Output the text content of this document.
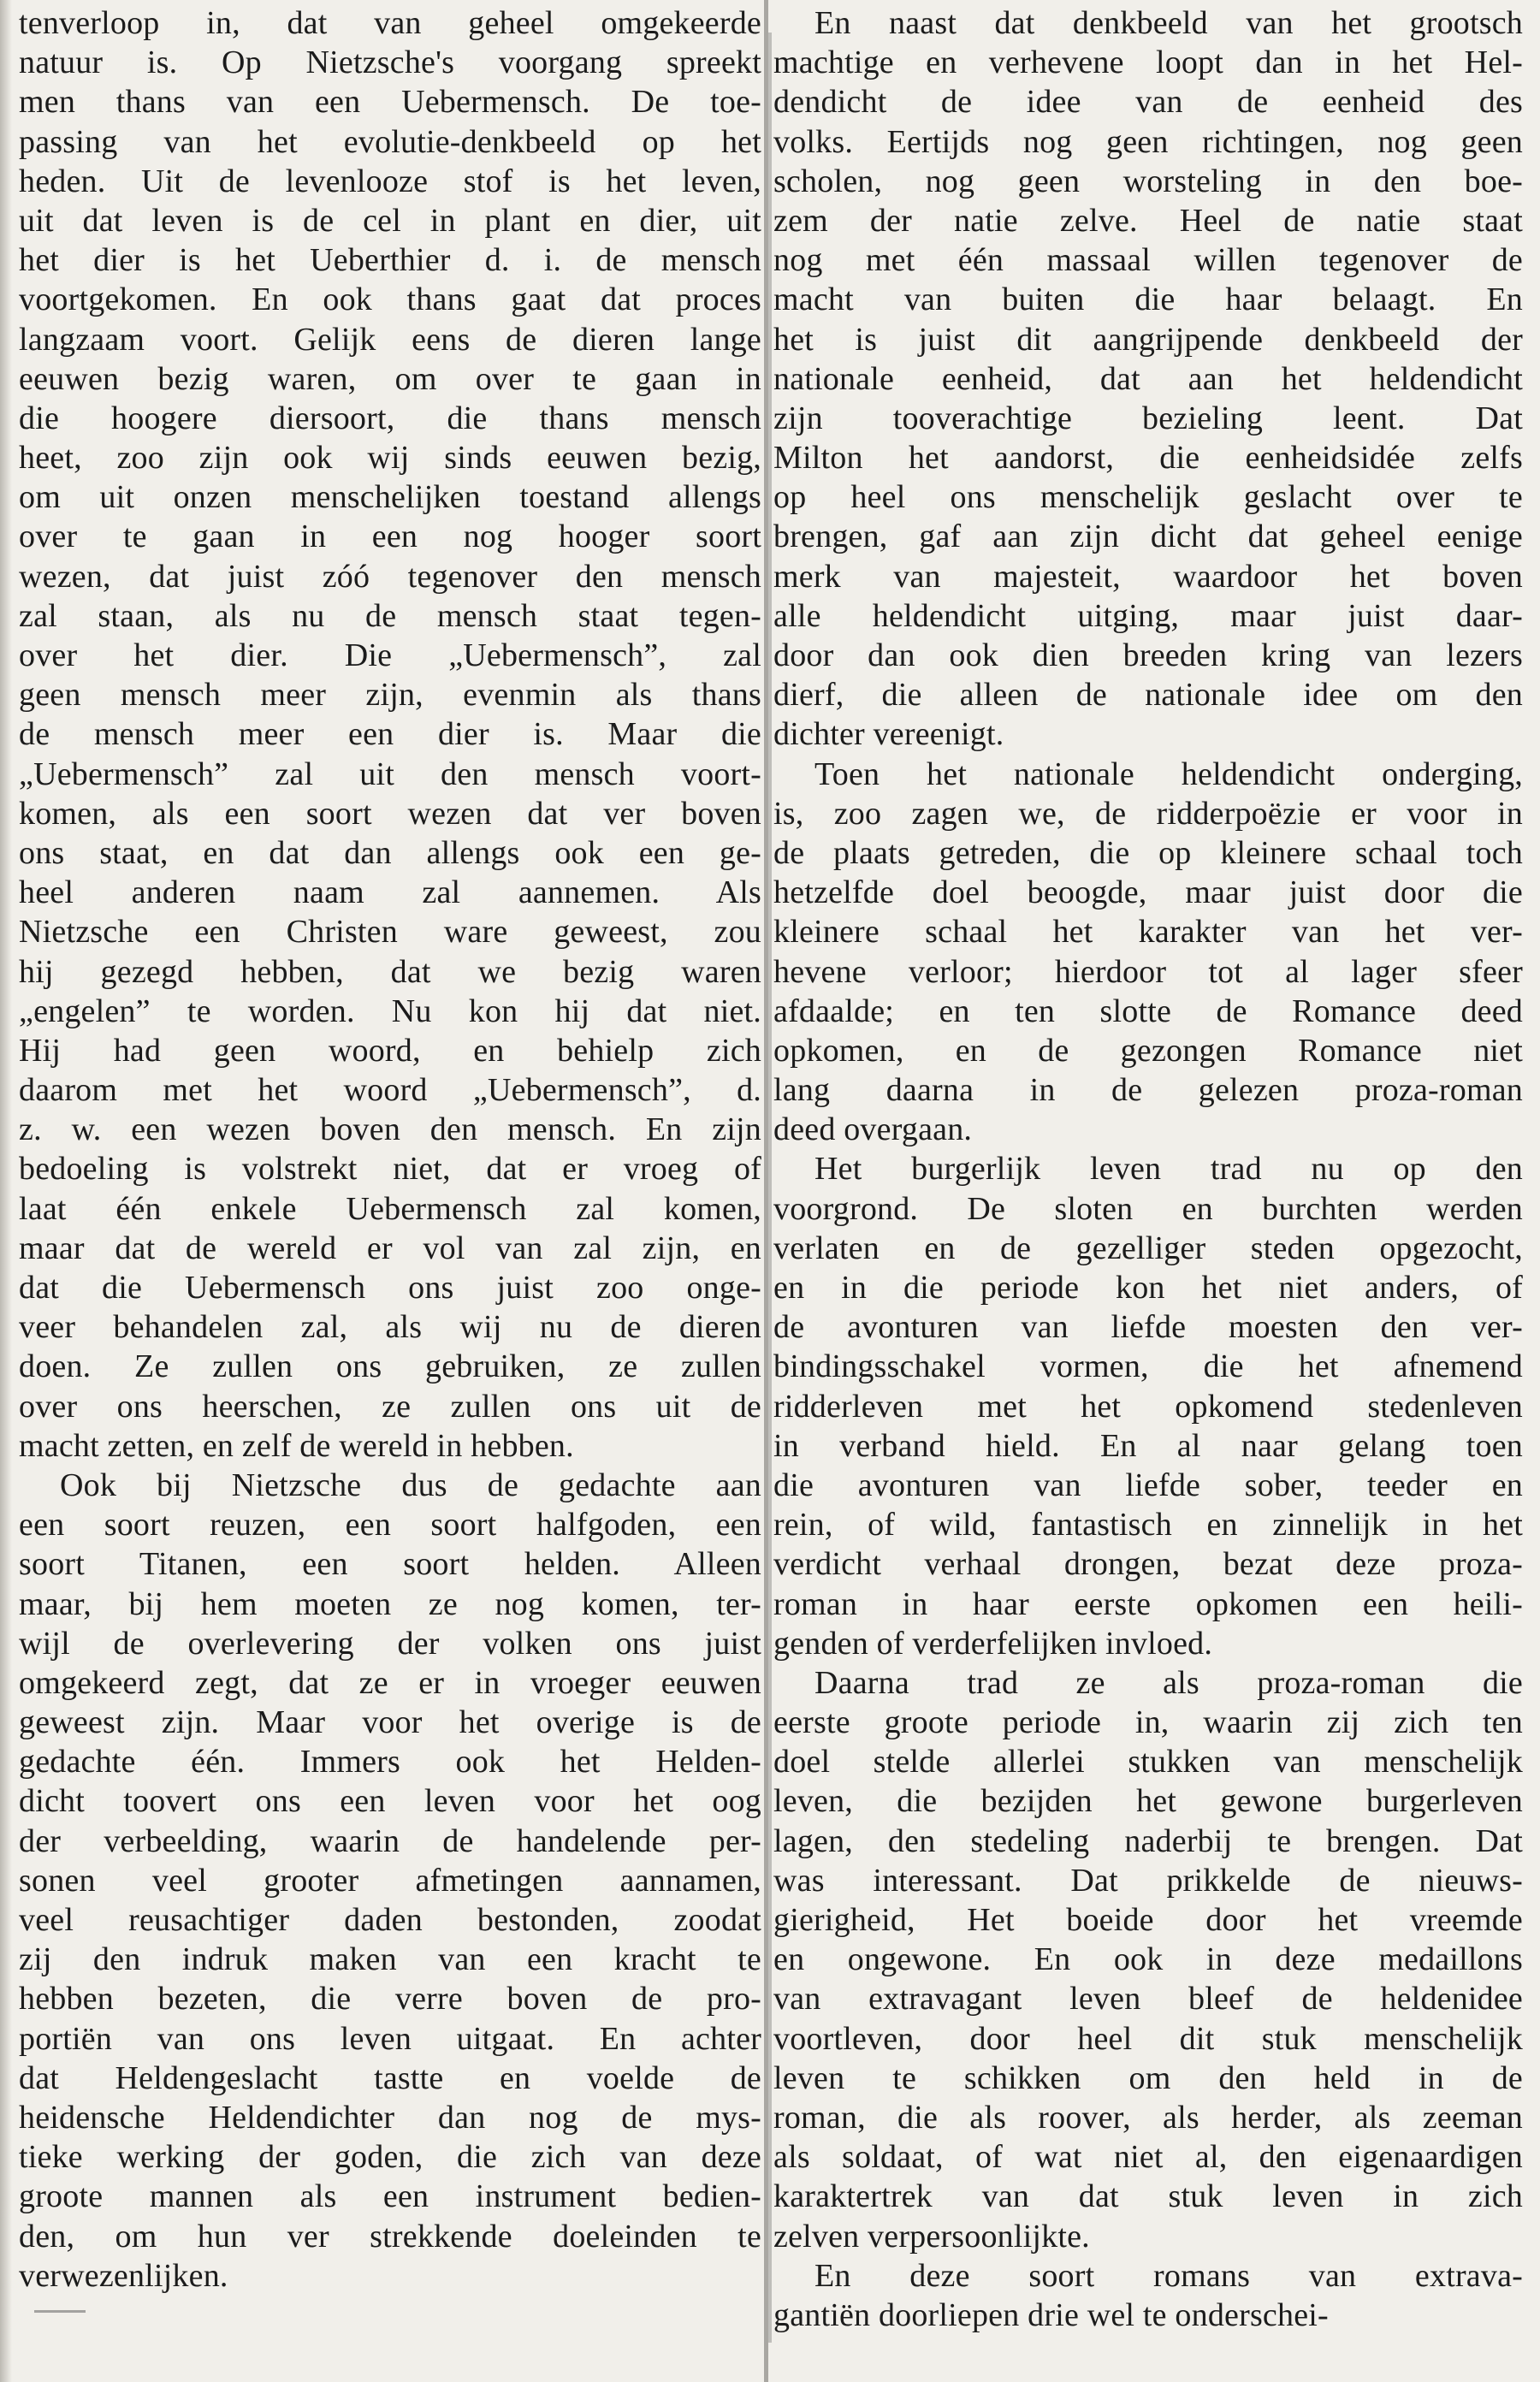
tenverloop in, dat van geheel omgekeerde
natuur is. Op Nietzsche's voorgang spreekt
men thans van een Uebermensch. De toe-
passing van het evolutie-denkbeeld op het
heden. Uit de levenlooze stof is het leven,
uit dat leven is de cel in plant en dier, uit
het dier is het Ueberthier d. i. de mensch
voortgekomen. En ook thans gaat dat proces
langzaam voort. Gelijk eens de dieren lange
eeuwen bezig waren, om over te gaan in
die hoogere diersoort, die thans mensch
heet, zoo zijn ook wij sinds eeuwen bezig,
om uit onzen menschelijken toestand allengs
over te gaan in een nog hooger soort
wezen, dat juist zóó tegenover den mensch
zal staan, als nu de mensch staat tegen-
over het dier. Die „Uebermensch”, zal
geen mensch meer zijn, evenmin als thans
de mensch meer een dier is. Maar die
„Uebermensch” zal uit den mensch voort-
komen, als een soort wezen dat ver boven
ons staat, en dat dan allengs ook een ge-
heel anderen naam zal aannemen. Als
Nietzsche een Christen ware geweest, zou
hij gezegd hebben, dat we bezig waren
„engelen” te worden. Nu kon hij dat niet.
Hij had geen woord, en behielp zich
daarom met het woord „Uebermensch”, d.
z. w. een wezen boven den mensch. En zijn
bedoeling is volstrekt niet, dat er vroeg of
laat één enkele Uebermensch zal komen,
maar dat de wereld er vol van zal zijn, en
dat die Uebermensch ons juist zoo onge-
veer behandelen zal, als wij nu de dieren
doen. Ze zullen ons gebruiken, ze zullen
over ons heerschen, ze zullen ons uit de
macht zetten, en zelf de wereld in hebben.
Ook bij Nietzsche dus de gedachte aan
een soort reuzen, een soort halfgoden, een
soort Titanen, een soort helden. Alleen
maar, bij hem moeten ze nog komen, ter-
wijl de overlevering der volken ons juist
omgekeerd zegt, dat ze er in vroeger eeuwen
geweest zijn. Maar voor het overige is de
gedachte één. Immers ook het Helden-
dicht toovert ons een leven voor het oog
der verbeelding, waarin de handelende per-
sonen veel grooter afmetingen aannamen,
veel reusachtiger daden bestonden, zoodat
zij den indruk maken van een kracht te
hebben bezeten, die verre boven de pro-
portiën van ons leven uitgaat. En achter
dat Heldengeslacht tastte en voelde de
heidensche Heldendichter dan nog de mys-
tieke werking der goden, die zich van deze
groote mannen als een instrument bedien-
den, om hun ver strekkende doeleinden te
verwezenlijken.
En naast dat denkbeeld van het grootsch
machtige en verhevene loopt dan in het Hel-
dendicht de idee van de eenheid des
volks. Eertijds nog geen richtingen, nog geen
scholen, nog geen worsteling in den boe-
zem der natie zelve. Heel de natie staat
nog met één massaal willen tegenover de
macht van buiten die haar belaagt. En
het is juist dit aangrijpende denkbeeld der
nationale eenheid, dat aan het heldendicht
zijn tooverachtige bezieling leent. Dat
Milton het aandorst, die eenheidsidée zelfs
op heel ons menschelijk geslacht over te
brengen, gaf aan zijn dicht dat geheel eenige
merk van majesteit, waardoor het boven
alle heldendicht uitging, maar juist daar-
door dan ook dien breeden kring van lezers
dierf, die alleen de nationale idee om den
dichter vereenigt.
Toen het nationale heldendicht onderging,
is, zoo zagen we, de ridderpoëzie er voor in
de plaats getreden, die op kleinere schaal toch
hetzelfde doel beoogde, maar juist door die
kleinere schaal het karakter van het ver-
hevene verloor; hierdoor tot al lager sfeer
afdaalde; en ten slotte de Romance deed
opkomen, en de gezongen Romance niet
lang daarna in de gelezen proza-roman
deed overgaan.
Het burgerlijk leven trad nu op den
voorgrond. De sloten en burchten werden
verlaten en de gezelliger steden opgezocht,
en in die periode kon het niet anders, of
de avonturen van liefde moesten den ver-
bindingsschakel vormen, die het afnemend
ridderleven met het opkomend stedenleven
in verband hield. En al naar gelang toen
die avonturen van liefde sober, teeder en
rein, of wild, fantastisch en zinnelijk in het
verdicht verhaal drongen, bezat deze proza-
roman in haar eerste opkomen een heili-
genden of verderfelijken invloed.
Daarna trad ze als proza-roman die
eerste groote periode in, waarin zij zich ten
doel stelde allerlei stukken van menschelijk
leven, die bezijden het gewone burgerleven
lagen, den stedeling naderbij te brengen. Dat
was interessant. Dat prikkelde de nieuws-
gierigheid, Het boeide door het vreemde
en ongewone. En ook in deze medaillons
van extravagant leven bleef de heldenidee
voortleven, door heel dit stuk menschelijk
leven te schikken om den held in de
roman, die als roover, als herder, als zeeman
als soldaat, of wat niet al, den eigenaardigen
karaktertrek van dat stuk leven in zich
zelven verpersoonlijkte.
En deze soort romans van extrava-
gantiën doorliepen drie wel te onderschei-
